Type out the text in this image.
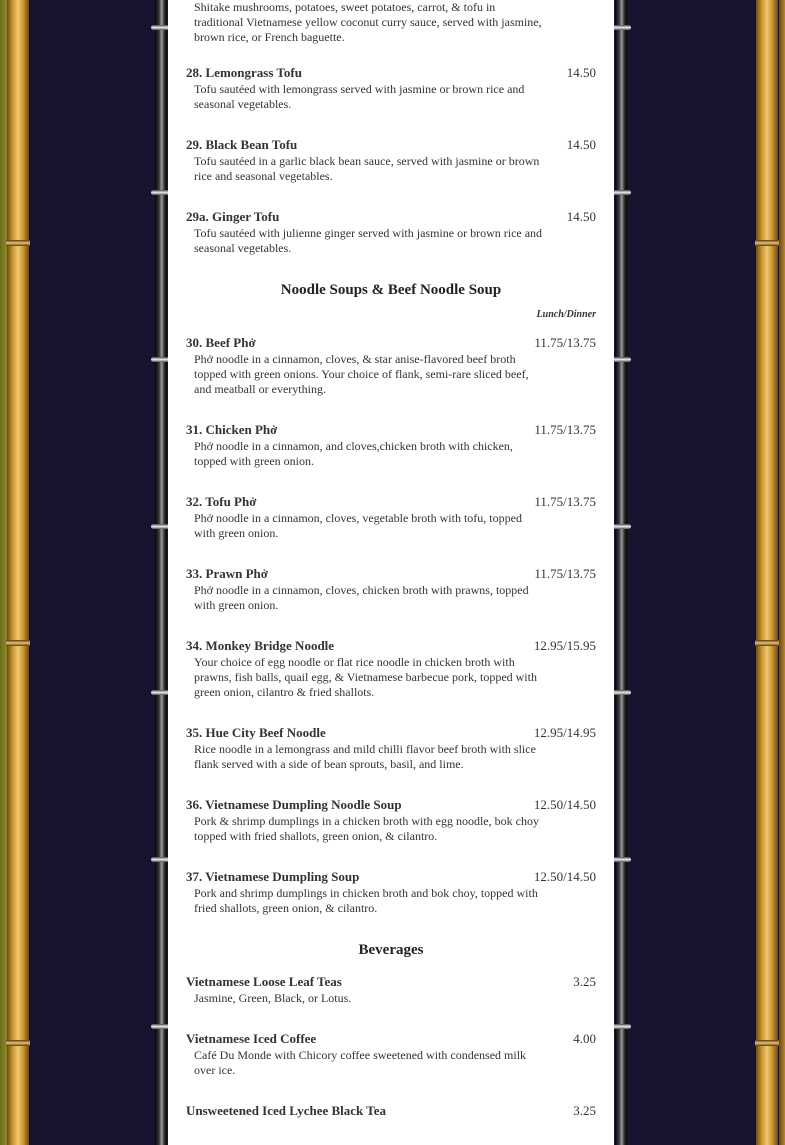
Shitake mushrooms, potatoes, sweet potatoes, carrot, & tofu in traditional Vietnamese yellow coconut curry sauce, served with jasmine, brown rice, or French baguette.
28. Lemongrass Tofu	14.50
Tofu sautéed with lemongrass served with jasmine or brown rice and seasonal vegetables.
29. Black Bean Tofu	14.50
Tofu sautéed in a garlic black bean sauce, served with jasmine or brown rice and seasonal vegetables.
29a. Ginger Tofu	14.50
Tofu sautéed with julienne ginger served with jasmine or brown rice and seasonal vegetables.
Noodle Soups & Beef Noodle Soup
Lunch/Dinner
30. Beef Phở	11.75/13.75
Phở noodle in a cinnamon, cloves, & star anise-flavored beef broth topped with green onions. Your choice of flank, semi-rare sliced beef, and meatball or everything.
31. Chicken Phở	11.75/13.75
Phở noodle in a cinnamon, and cloves,chicken broth with chicken, topped with green onion.
32. Tofu Phở	11.75/13.75
Phở noodle in a cinnamon, cloves, vegetable broth with tofu, topped with green onion.
33. Prawn Phở	11.75/13.75
Phở noodle in a cinnamon, cloves, chicken broth with prawns, topped with green onion.
34. Monkey Bridge Noodle	12.95/15.95
Your choice of egg noodle or flat rice noodle in chicken broth with prawns, fish balls, quail egg, & Vietnamese barbecue pork, topped with green onion, cilantro & fried shallots.
35. Hue City Beef Noodle	12.95/14.95
Rice noodle in a lemongrass and mild chilli flavor beef broth with slice flank served with a side of bean sprouts, basil, and lime.
36. Vietnamese Dumpling Noodle Soup	12.50/14.50
Pork & shrimp dumplings in a chicken broth with egg noodle, bok choy topped with fried shallots, green onion, & cilantro.
37. Vietnamese Dumpling Soup	12.50/14.50
Pork and shrimp dumplings in chicken broth and bok choy, topped with fried shallots, green onion, & cilantro.
Beverages
Vietnamese Loose Leaf Teas	3.25
Jasmine, Green, Black, or Lotus.
Vietnamese Iced Coffee	4.00
Café Du Monde with Chicory coffee sweetened with condensed milk over ice.
Unsweetened Iced Lychee Black Tea	3.25
